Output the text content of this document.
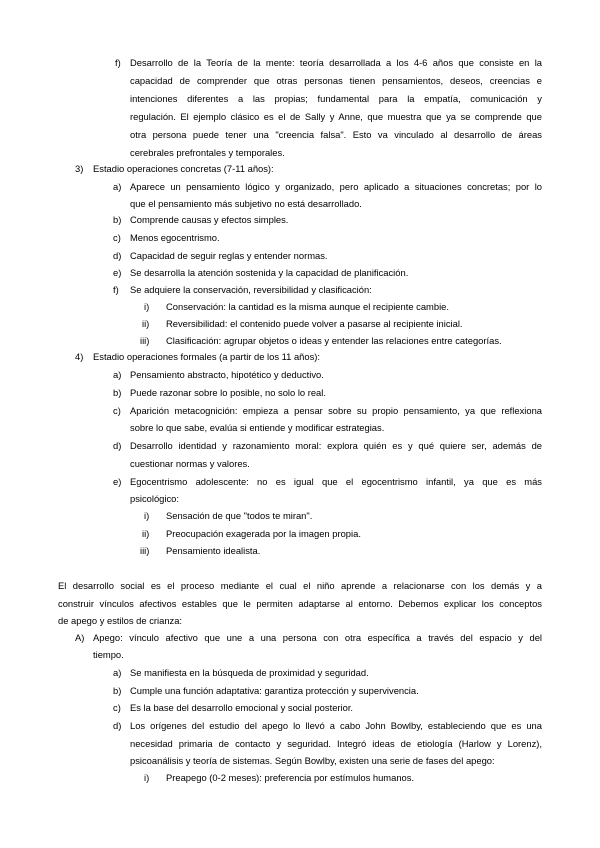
f) Desarrollo de la Teoría de la mente: teoría desarrollada a los 4-6 años que consiste en la
capacidad de comprender que otras personas tienen pensamientos, deseos, creencias e
intenciones diferentes a las propias; fundamental para la empatía, comunicación y
regulación. El ejemplo clásico es el de Sally y Anne, que muestra que ya se comprende que
otra persona puede tener una "creencia falsa". Esto va vinculado al desarrollo de áreas
cerebrales prefrontales y temporales.
3) Estadio operaciones concretas (7-11 años):
a) Aparece un pensamiento lógico y organizado, pero aplicado a situaciones concretas; por lo
que el pensamiento más subjetivo no está desarrollado.
b) Comprende causas y efectos simples.
c) Menos egocentrismo.
d) Capacidad de seguir reglas y entender normas.
e) Se desarrolla la atención sostenida y la capacidad de planificación.
f) Se adquiere la conservación, reversibilidad y clasificación:
i) Conservación: la cantidad es la misma aunque el recipiente cambie.
ii) Reversibilidad: el contenido puede volver a pasarse al recipiente inicial.
iii) Clasificación: agrupar objetos o ideas y entender las relaciones entre categorías.
4) Estadio operaciones formales (a partir de los 11 años):
a) Pensamiento abstracto, hipotético y deductivo.
b) Puede razonar sobre lo posible, no solo lo real.
c) Aparición metacognición: empieza a pensar sobre su propio pensamiento, ya que reflexiona
sobre lo que sabe, evalúa si entiende y modificar estrategias.
d) Desarrollo identidad y razonamiento moral: explora quién es y qué quiere ser, además de
cuestionar normas y valores.
e) Egocentrismo adolescente: no es igual que el egocentrismo infantil, ya que es más
psicológico:
i) Sensación de que "todos te miran".
ii) Preocupación exagerada por la imagen propia.
iii) Pensamiento idealista.
El desarrollo social es el proceso mediante el cual el niño aprende a relacionarse con los demás y a
construir vínculos afectivos estables que le permiten adaptarse al entorno. Debemos explicar los conceptos
de apego y estilos de crianza:
A) Apego: vínculo afectivo que une a una persona con otra específica a través del espacio y del
tiempo.
a) Se manifiesta en la búsqueda de proximidad y seguridad.
b) Cumple una función adaptativa: garantiza protección y supervivencia.
c) Es la base del desarrollo emocional y social posterior.
d) Los orígenes del estudio del apego lo llevó a cabo John Bowlby, estableciendo que es una
necesidad primaria de contacto y seguridad. Integró ideas de etiología (Harlow y Lorenz),
psicoanálisis y teoría de sistemas. Según Bowlby, existen una serie de fases del apego:
i) Preapego (0-2 meses): preferencia por estímulos humanos.
